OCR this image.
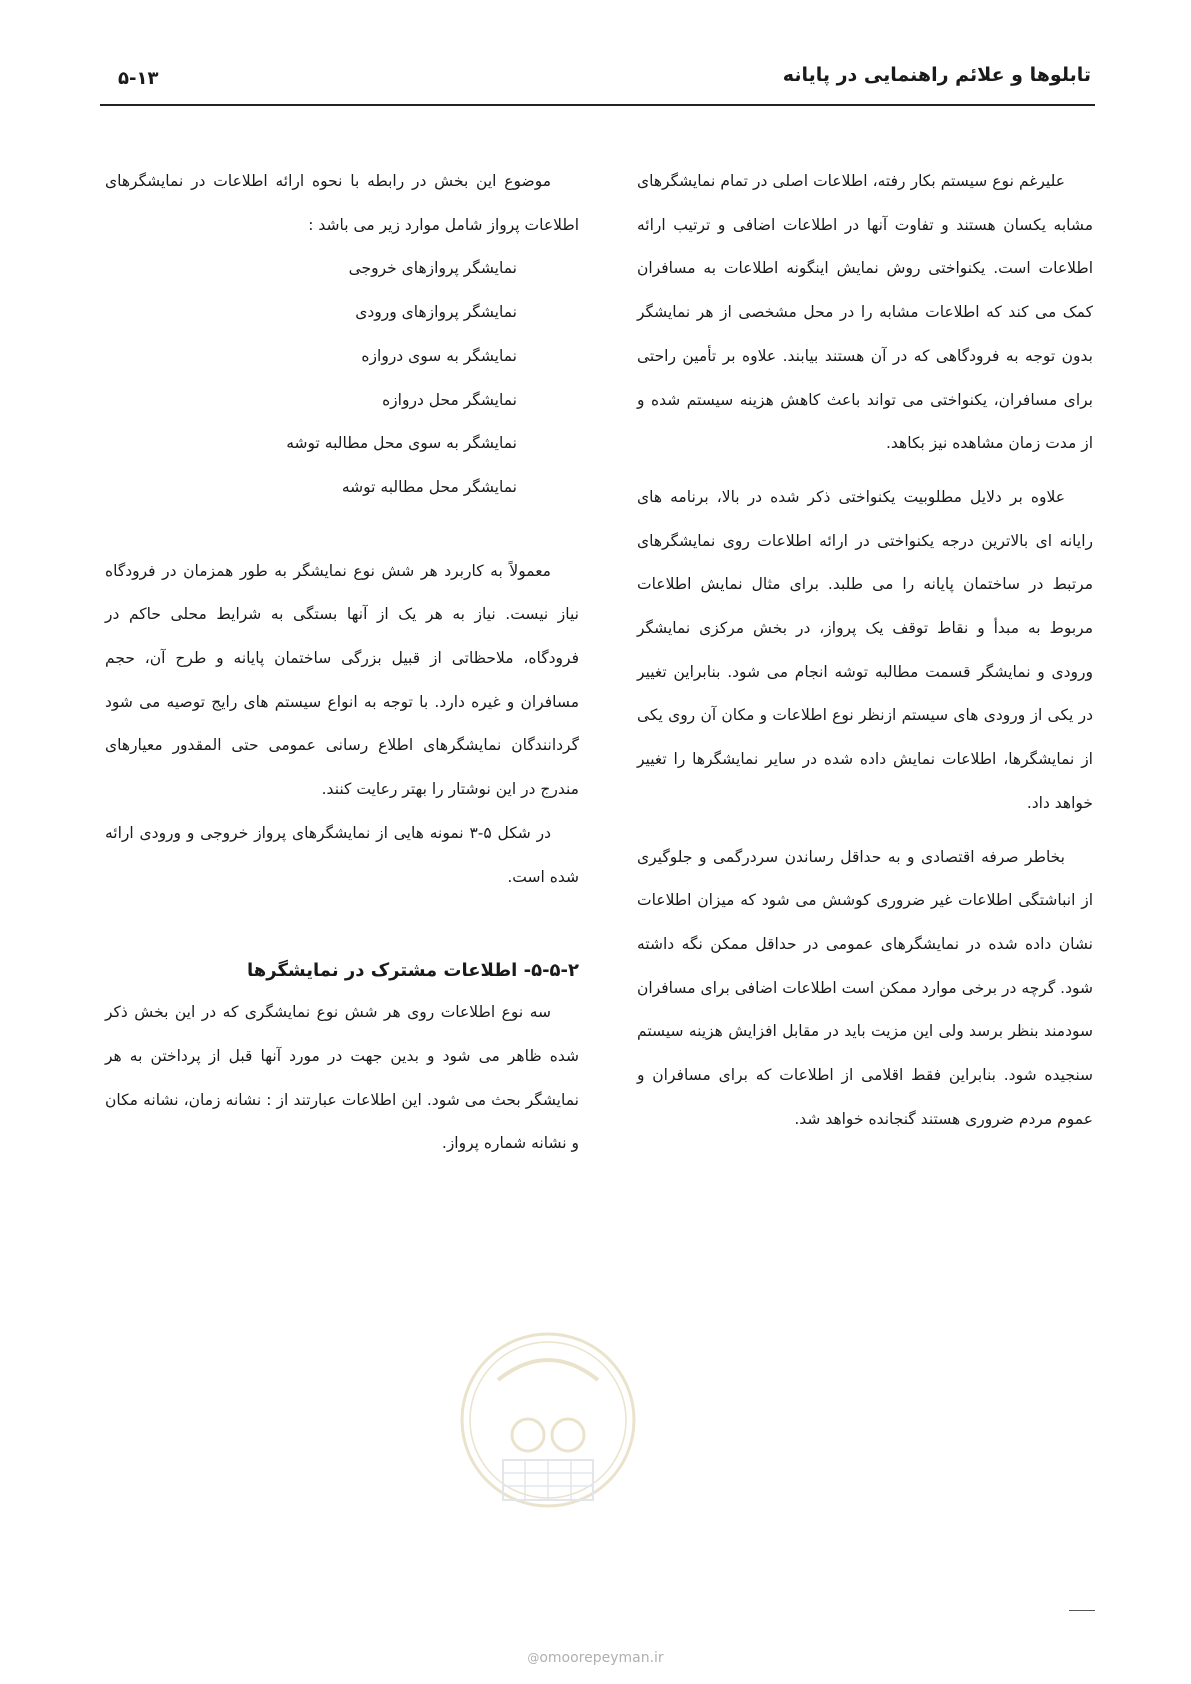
تابلوها و علائم راهنمایی در پایانه
۵-۱۳

علیرغم نوع سیستم بکار رفته، اطلاعات اصلی در تمام نمایشگرهای مشابه یکسان هستند و تفاوت آنها در اطلاعات اضافی و ترتیب ارائه اطلاعات است. یکنواختی روش نمایش اینگونه اطلاعات به مسافران کمک می کند که اطلاعات مشابه را در محل مشخصی از هر نمایشگر بدون توجه به فرودگاهی که در آن هستند بیابند. علاوه بر تأمین راحتی برای مسافران، یکنواختی می تواند باعث کاهش هزینه سیستم شده و از مدت زمان مشاهده نیز بکاهد.

علاوه بر دلایل مطلوبیت یکنواختی ذکر شده در بالا، برنامه های رایانه ای بالاترین درجه یکنواختی در ارائه اطلاعات روی نمایشگرهای مرتبط در ساختمان پایانه را می طلبد. برای مثال نمایش اطلاعات مربوط به مبدأ و نقاط توقف یک پرواز، در بخش مرکزی نمایشگر ورودی و نمایشگر قسمت مطالبه توشه انجام می شود. بنابراین تغییر در یکی از ورودی های سیستم ازنظر نوع اطلاعات و مکان آن روی یکی از نمایشگرها، اطلاعات نمایش داده شده در سایر نمایشگرها را تغییر خواهد داد.

بخاطر صرفه اقتصادی و به حداقل رساندن سردرگمی و جلوگیری از انباشتگی اطلاعات غیر ضروری کوشش می شود که میزان اطلاعات نشان داده شده در نمایشگرهای عمومی در حداقل ممکن نگه داشته شود. گرچه در برخی موارد ممکن است اطلاعات اضافی برای مسافران سودمند بنظر برسد ولی این مزیت باید در مقابل افزایش هزینه سیستم سنجیده شود. بنابراین فقط اقلامی از اطلاعات که برای مسافران و عموم مردم ضروری هستند گنجانده خواهد شد.

موضوع این بخش در رابطه با نحوه ارائه اطلاعات در نمایشگرهای اطلاعات پرواز شامل موارد زیر می باشد :

نمایشگر پروازهای خروجی
نمایشگر پروازهای ورودی
نمایشگر به سوی دروازه
نمایشگر محل دروازه
نمایشگر به سوی محل مطالبه توشه
نمایشگر محل مطالبه توشه

معمولاً به کاربرد هر شش نوع نمایشگر به طور همزمان در فرودگاه نیاز نیست. نیاز به هر یک از آنها بستگی به شرایط محلی حاکم در فرودگاه، ملاحظاتی از قبیل بزرگی ساختمان پایانه و طرح آن، حجم مسافران و غیره دارد. با توجه به انواع سیستم های رایج توصیه می شود گردانندگان نمایشگرهای اطلاع رسانی عمومی حتی المقدور معیارهای مندرج در این نوشتار را بهتر رعایت کنند.

در شکل ۵-۳ نمونه هایی از نمایشگرهای پرواز خروجی و ورودی ارائه شده است.

۵-۵-۲- اطلاعات مشترک در نمایشگرها

سه نوع اطلاعات روی هر شش نوع نمایشگری که در این بخش ذکر شده ظاهر می شود و بدین جهت در مورد آنها قبل از پرداختن به هر نمایشگر بحث می شود. این اطلاعات عبارتند از : نشانه زمان، نشانه مکان و نشانه شماره پرواز.

@omoorepeyman.ir
